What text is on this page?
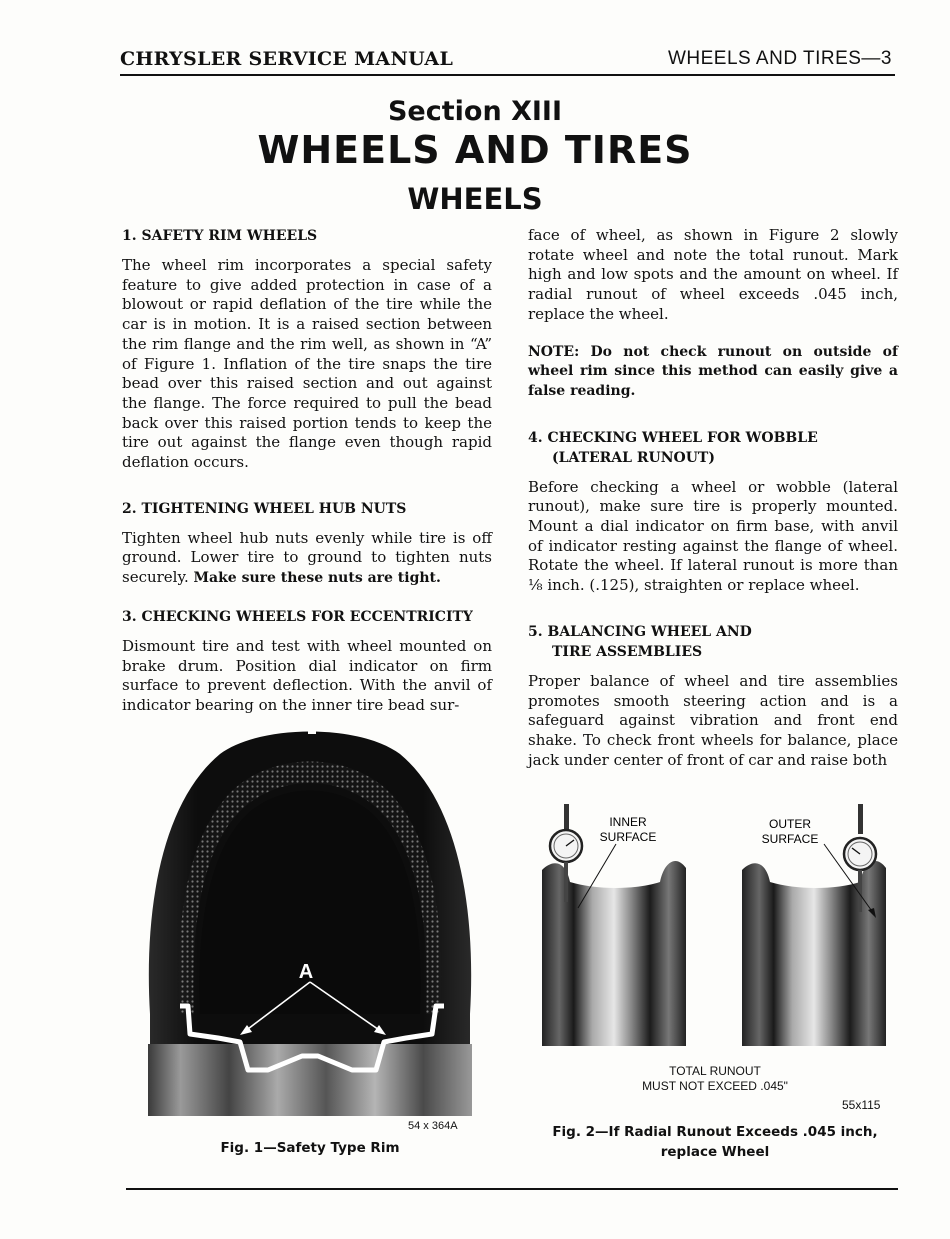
CHRYSLER SERVICE MANUAL	WHEELS AND TIRES—3
Section XIII
WHEELS AND TIRES
WHEELS
1. SAFETY RIM WHEELS

The wheel rim incorporates a special safety feature to give added protection in case of a blowout or rapid deflation of the tire while the car is in motion. It is a raised section between the rim flange and the rim well, as shown in “A” of Figure 1. Inflation of the tire snaps the tire bead over this raised section and out against the flange. The force required to pull the bead back over this raised portion tends to keep the tire out against the flange even though rapid deflation occurs.

2. TIGHTENING WHEEL HUB NUTS

Tighten wheel hub nuts evenly while tire is off ground. Lower tire to ground to tighten nuts securely. Make sure these nuts are tight.

3. CHECKING WHEELS FOR ECCENTRICITY

Dismount tire and test with wheel mounted on brake drum. Position dial indicator on firm surface to prevent deflection. With the anvil of indicator bearing on the inner tire bead sur-

face of wheel, as shown in Figure 2 slowly rotate wheel and note the total runout. Mark high and low spots and the amount on wheel. If radial runout of wheel exceeds .045 inch, replace the wheel.

NOTE: Do not check runout on outside of wheel rim since this method can easily give a false reading.

4. CHECKING WHEEL FOR WOBBLE
(LATERAL RUNOUT)

Before checking a wheel or wobble (lateral runout), make sure tire is properly mounted. Mount a dial indicator on firm base, with anvil of indicator resting against the flange of wheel. Rotate the wheel. If lateral runout is more than ⅛ inch. (.125), straighten or replace wheel.

5. BALANCING WHEEL AND
TIRE ASSEMBLIES

Proper balance of wheel and tire assemblies promotes smooth steering action and is a safeguard against vibration and front end shake. To check front wheels for balance, place jack under center of front of car and raise both

A
54 x 364A
Fig. 1—Safety Type Rim
INNER
SURFACE
OUTER
SURFACE
TOTAL RUNOUT
MUST NOT EXCEED .045"
55x115
Fig. 2—If Radial Runout Exceeds .045 inch,
replace Wheel
